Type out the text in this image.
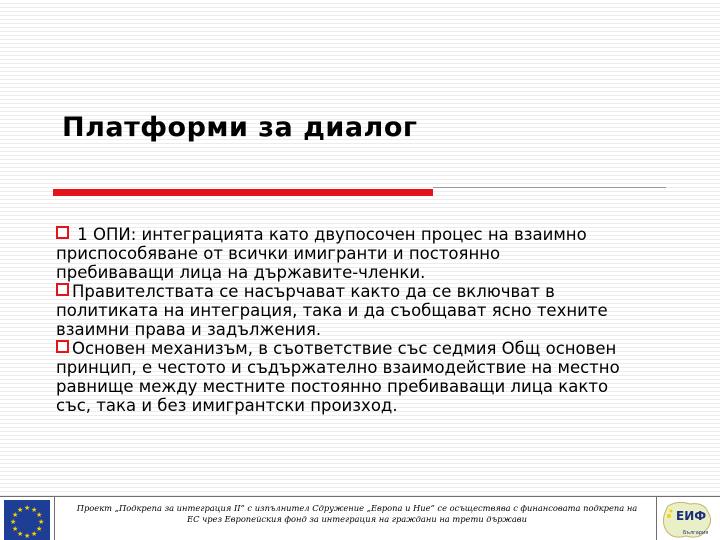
Платформи за диалог

1 ОПИ: интеграцията като двупосочен процес на взаимно
приспособяване от всички имигранти и постоянно
пребиваващи лица на държавите-членки.

Правителствата се насърчават както да се включват в
политиката на интеграция, така и да съобщават ясно техните
взаимни права и задължения.

Основен механизъм, в съответствие със седмия Общ основен
принцип, е честото и съдържателно взаимодействие на местно
равнище между местните постоянно пребиваващи лица както
със, така и без имигрантски произход.

★ ★
★
★
★
★
★
★
★
★
★
★	Проект „Подкрепа за интеграция II” с изпълнител Сдружение „Европа и Ние” се осъществява с финансовата подкрепа на
ЕС чрез Европейския фонд за интеграция на граждани на трети държави	ЕИФ
България
